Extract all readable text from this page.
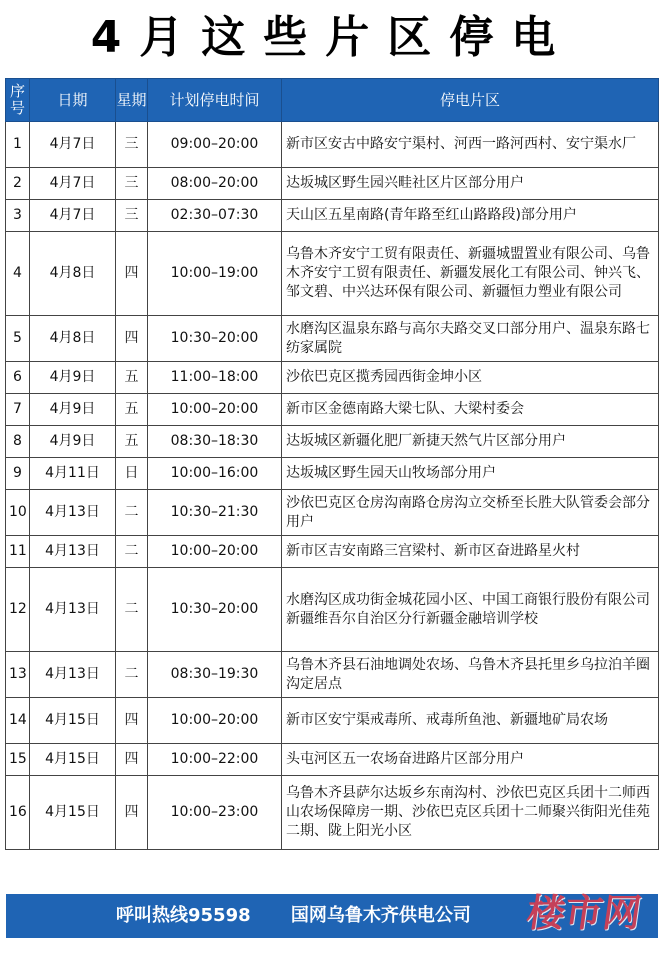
4月这些片区停电
序号	日期	星期	计划停电时间	停电片区
1	4月7日	三	09:00–20:00	新市区安古中路安宁渠村、河西一路河西村、安宁渠水厂
2	4月7日	三	08:00–20:00	达坂城区野生园兴畦社区片区部分用户
3	4月7日	三	02:30–07:30	天山区五星南路(青年路至红山路路段)部分用户
4	4月8日	四	10:00–19:00	乌鲁木齐安宁工贸有限责任、新疆城盟置业有限公司、乌鲁木齐安宁工贸有限责任、新疆发展化工有限公司、钟兴飞、邹文碧、中兴达环保有限公司、新疆恒力塑业有限公司
5	4月8日	四	10:30–20:00	水磨沟区温泉东路与高尔夫路交叉口部分用户、温泉东路七纺家属院
6	4月9日	五	11:00–18:00	沙依巴克区揽秀园西街金坤小区
7	4月9日	五	10:00–20:00	新市区金德南路大梁七队、大梁村委会
8	4月9日	五	08:30–18:30	达坂城区新疆化肥厂新捷天然气片区部分用户
9	4月11日	日	10:00–16:00	达坂城区野生园天山牧场部分用户
10	4月13日	二	10:30–21:30	沙依巴克区仓房沟南路仓房沟立交桥至长胜大队管委会部分用户
11	4月13日	二	10:00–20:00	新市区吉安南路三宫梁村、新市区奋进路星火村
12	4月13日	二	10:30–20:00	水磨沟区成功街金城花园小区、中国工商银行股份有限公司新疆维吾尔自治区分行新疆金融培训学校
13	4月13日	二	08:30–19:30	乌鲁木齐县石油地调处农场、乌鲁木齐县托里乡乌拉泊羊圈沟定居点
14	4月15日	四	10:00–20:00	新市区安宁渠戒毒所、戒毒所鱼池、新疆地矿局农场
15	4月15日	四	10:00–22:00	头屯河区五一农场奋进路片区部分用户
16	4月15日	四	10:00–23:00	乌鲁木齐县萨尔达坂乡东南沟村、沙依巴克区兵团十二师西山农场保障房一期、沙依巴克区兵团十二师聚兴街阳光佳苑二期、陇上阳光小区
呼叫热线95598 国网乌鲁木齐供电公司	楼市网
